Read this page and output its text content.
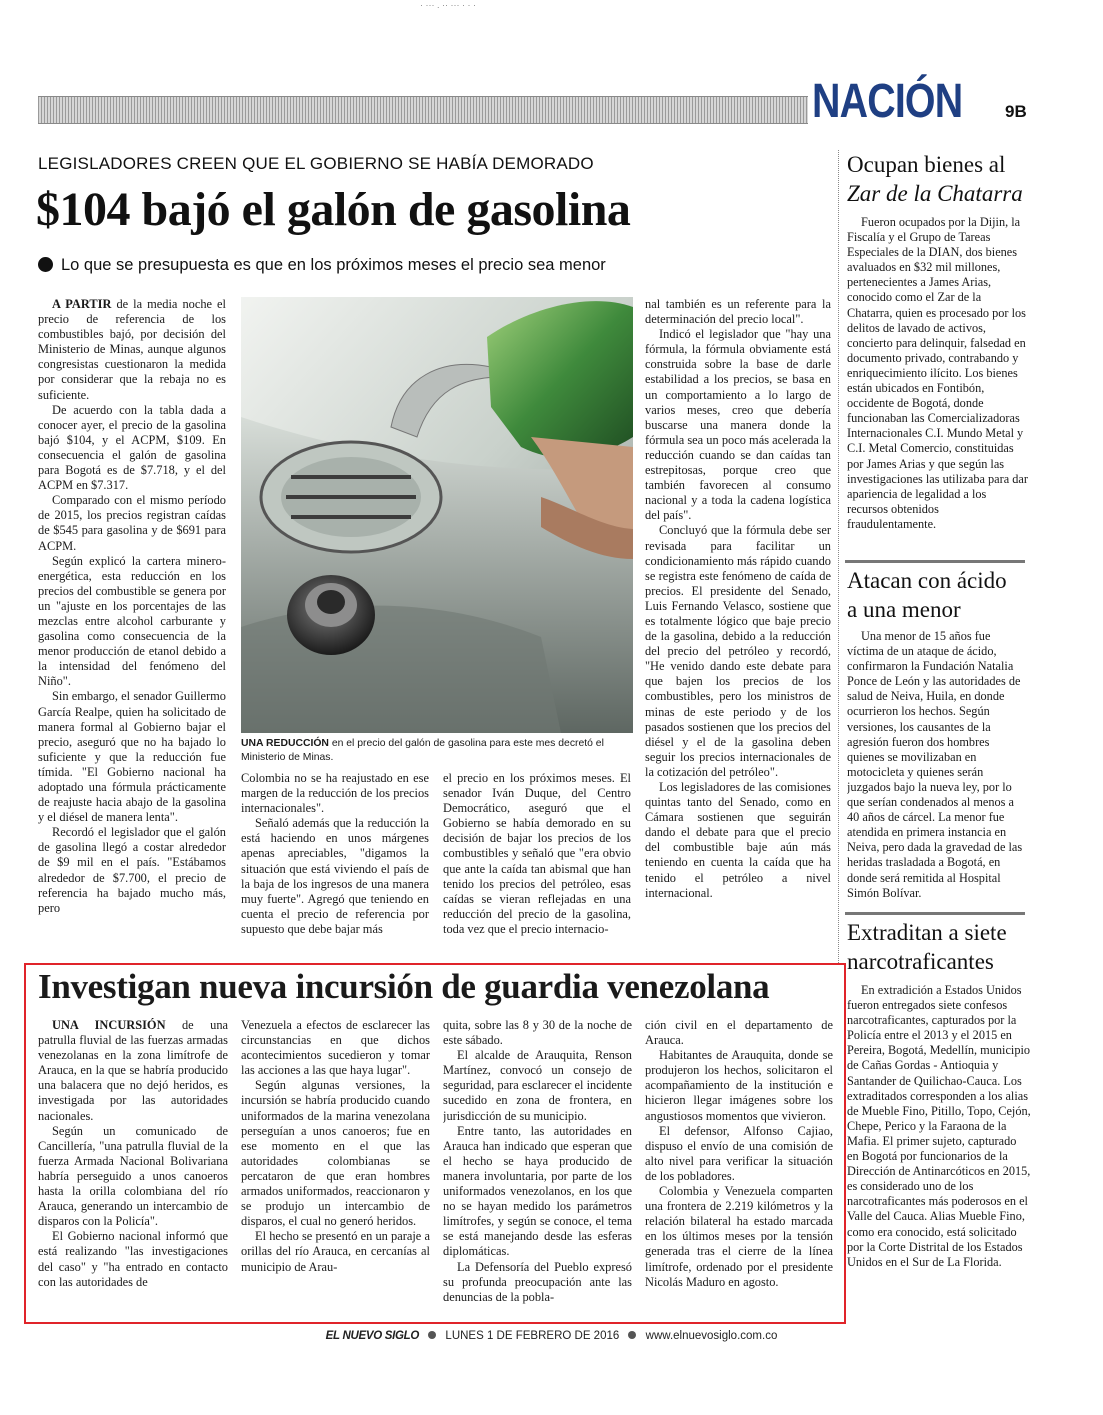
· ··· . ·· ··· · · ·
NACIÓN	9B
LEGISLADORES CREEN QUE EL GOBIERNO SE HABÍA DEMORADO
$104 bajó el galón de gasolina
Lo que se presupuesta es que en los próximos meses el precio sea menor

A PARTIR de la media noche el precio de referencia de los combustibles bajó, por decisión del Ministerio de Minas, aunque algunos congresistas cuestionaron la medida por considerar que la rebaja no es suficiente.

De acuerdo con la tabla dada a conocer ayer, el precio de la gasolina bajó $104, y el ACPM, $109. En consecuencia el galón de gasolina para Bogotá es de $7.718, y el del ACPM en $7.317.

Comparado con el mismo período de 2015, los precios registran caídas de $545 para gasolina y de $691 para ACPM.

Según explicó la cartera minero-energética, esta reducción en los precios del combustible se genera por un "ajuste en los porcentajes de las mezclas entre alcohol carburante y gasolina como consecuencia de la menor producción de etanol debido a la intensidad del fenómeno del Niño".

Sin embargo, el senador Guillermo García Realpe, quien ha solicitado de manera formal al Gobierno bajar el precio, aseguró que no ha bajado lo suficiente y que la reducción fue tímida. "El Gobierno nacional ha adoptado una fórmula prácticamente de reajuste hacia abajo de la gasolina y el diésel de manera lenta".

Recordó el legislador que el galón de gasolina llegó a costar alrededor de $9 mil en el país. "Estábamos alrededor de $7.700, el precio de referencia ha bajado mucho más, pero

UNA REDUCCIÓN en el precio del galón de gasolina para este mes decretó el Ministerio de Minas.

Colombia no se ha reajustado en ese margen de la reducción de los precios internacionales".

Señaló además que la reducción la está haciendo en unos márgenes apenas apreciables, "digamos la situación que está viviendo el país de la baja de los ingresos de una manera muy fuerte". Agregó que teniendo en cuenta el precio de referencia por supuesto que debe bajar más

el precio en los próximos meses. El senador Iván Duque, del Centro Democrático, aseguró que el Gobierno se había demorado en su decisión de bajar los precios de los combustibles y señaló que "era obvio que ante la caída tan abismal que han tenido los precios del petróleo, esas caídas se vieran reflejadas en una reducción del precio de la gasolina, toda vez que el precio internacio-

nal también es un referente para la determinación del precio local".

Indicó el legislador que "hay una fórmula, la fórmula obviamente está construida sobre la base de darle estabilidad a los precios, se basa en un comportamiento a lo largo de varios meses, creo que debería buscarse una manera donde la fórmula sea un poco más acelerada la reducción cuando se dan caídas tan estrepitosas, porque creo que también favorecen al consumo nacional y a toda la cadena logística del país".

Concluyó que la fórmula debe ser revisada para facilitar un condicionamiento más rápido cuando se registra este fenómeno de caída de precios. El presidente del Senado, Luis Fernando Velasco, sostiene que es totalmente lógico que baje precio de la gasolina, debido a la reducción del precio del petróleo y recordó, "He venido dando este debate para que bajen los precios de los combustibles, pero los ministros de minas de este periodo y de los pasados sostienen que los precios del diésel y el de la gasolina deben seguir los precios internacionales de la cotización del petróleo".

Los legisladores de las comisiones quintas tanto del Senado, como en Cámara sostienen que seguirán dando el debate para que el precio del combustible baje aún más teniendo en cuenta la caída que ha tenido el petróleo a nivel internacional.

Ocupan bienes al
Zar de la Chatarra

Fueron ocupados por la Dijin, la Fiscalía y el Grupo de Tareas Especiales de la DIAN, dos bienes avaluados en $32 mil millones, pertenecientes a James Arias, conocido como el Zar de la Chatarra, quien es procesado por los delitos de lavado de activos, concierto para delinquir, falsedad en documento privado, contrabando y enriquecimiento ilícito. Los bienes están ubicados en Fontibón, occidente de Bogotá, donde funcionaban las Comercializadoras Internacionales C.I. Mundo Metal y C.I. Metal Comercio, constituidas por James Arias y que según las investigaciones las utilizaba para dar apariencia de legalidad a los recursos obtenidos fraudulentamente.

Atacan con ácido
a una menor

Una menor de 15 años fue víctima de un ataque de ácido, confirmaron la Fundación Natalia Ponce de León y las autoridades de salud de Neiva, Huila, en donde ocurrieron los hechos. Según versiones, los causantes de la agresión fueron dos hombres quienes se movilizaban en motocicleta y quienes serán juzgados bajo la nueva ley, por lo que serían condenados al menos a 40 años de cárcel. La menor fue atendida en primera instancia en Neiva, pero dada la gravedad de las heridas trasladada a Bogotá, en donde será remitida al Hospital Simón Bolívar.

Extraditan a siete
narcotraficantes

En extradición a Estados Unidos fueron entregados siete confesos narcotraficantes, capturados por la Policía entre el 2013 y el 2015 en Pereira, Bogotá, Medellín, municipio de Cañas Gordas - Antioquia y Santander de Quilichao-Cauca. Los extraditados corresponden a los alias de Mueble Fino, Pitillo, Topo, Cejón, Chepe, Perico y la Faraona de la Mafia. El primer sujeto, capturado en Bogotá por funcionarios de la Dirección de Antinarcóticos en 2015, es considerado uno de los narcotraficantes más poderosos en el Valle del Cauca. Alias Mueble Fino, como era conocido, está solicitado por la Corte Distrital de los Estados Unidos en el Sur de La Florida.

Investigan nueva incursión de guardia venezolana

UNA INCURSIÓN de una patrulla fluvial de las fuerzas armadas venezolanas en la zona limítrofe de Arauca, en la que se habría producido una balacera que no dejó heridos, es investigada por las autoridades nacionales.

Según un comunicado de Cancillería, "una patrulla fluvial de la fuerza Armada Nacional Bolivariana habría perseguido a unos canoeros hasta la orilla colombiana del río Arauca, generando un intercambio de disparos con la Policía".

El Gobierno nacional informó que está realizando "las investigaciones del caso" y "ha entrado en contacto con las autoridades de

Venezuela a efectos de esclarecer las circunstancias en que dichos acontecimientos sucedieron y tomar las acciones a las que haya lugar".

Según algunas versiones, la incursión se habría producido cuando uniformados de la marina venezolana perseguían a unos canoeros; fue en ese momento en el que las autoridades colombianas se percataron de que eran hombres armados uniformados, reaccionaron y se produjo un intercambio de disparos, el cual no generó heridos.

El hecho se presentó en un paraje a orillas del río Arauca, en cercanías al municipio de Arau-

quita, sobre las 8 y 30 de la noche de este sábado.

El alcalde de Arauquita, Renson Martínez, convocó un consejo de seguridad, para esclarecer el incidente sucedido en zona de frontera, en jurisdicción de su municipio.

Entre tanto, las autoridades en Arauca han indicado que esperan que el hecho se haya producido de manera involuntaria, por parte de los uniformados venezolanos, en los que no se hayan medido los parámetros limítrofes, y según se conoce, el tema se está manejando desde las esferas diplomáticas.

La Defensoría del Pueblo expresó su profunda preocupación ante las denuncias de la pobla-

ción civil en el departamento de Arauca.

Habitantes de Arauquita, donde se produjeron los hechos, solicitaron el acompañamiento de la institución e hicieron llegar imágenes sobre los angustiosos momentos que vivieron.

El defensor, Alfonso Cajiao, dispuso el envío de una comisión de alto nivel para verificar la situación de los pobladores.

Colombia y Venezuela comparten una frontera de 2.219 kilómetros y la relación bilateral ha estado marcada en los últimos meses por la tensión generada tras el cierre de la línea limítrofe, ordenado por el presidente Nicolás Maduro en agosto.

EL NUEVO SIGLO LUNES 1 DE FEBRERO DE 2016 www.elnuevosiglo.com.co
